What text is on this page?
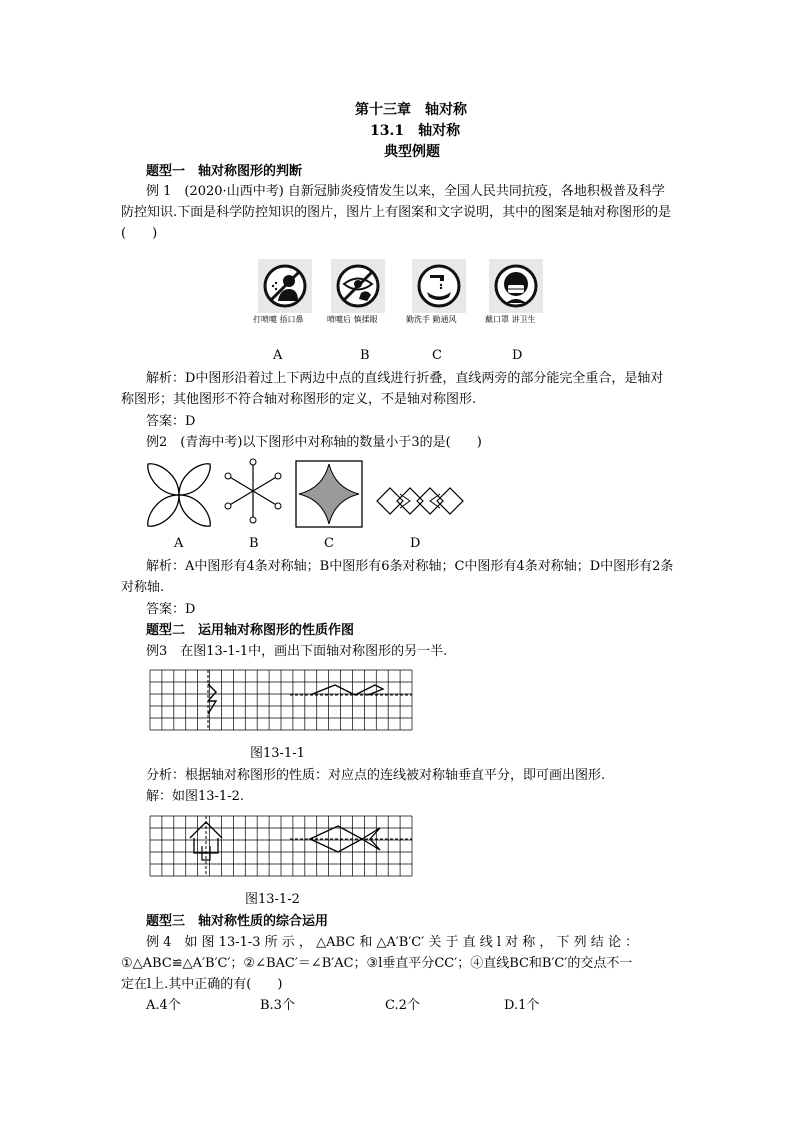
第十三章　轴对称
13.1　轴对称
典型例题
题型一　轴对称图形的判断
例 1　(2020·山西中考) 自新冠肺炎疫情发生以来，全国人民共同抗疫，各地积极普及科学防控知识.下面是科学防控知识的图片，图片上有图案和文字说明，其中的图案是轴对称图形的是(　　)
打喷嚏 捂口鼻	喷嚏后 慎揉眼	勤洗手 勤通风	戴口罩 讲卫生
A	B	C	D
解析：D中图形沿着过上下两边中点的直线进行折叠，直线两旁的部分能完全重合，是轴对称图形；其他图形不符合轴对称图形的定义，不是轴对称图形.
答案：D
例2　(青海中考)以下图形中对称轴的数量小于3的是(　　)
A	B	C	D
解析：A中图形有4条对称轴；B中图形有6条对称轴；C中图形有4条对称轴；D中图形有2条对称轴.
答案：D
题型二　运用轴对称图形的性质作图
例3　在图13-1-1中，画出下面轴对称图形的另一半.
图13-1-1
分析：根据轴对称图形的性质：对应点的连线被对称轴垂直平分，即可画出图形.
解：如图13-1-2.
图13-1-2
题型三　轴对称性质的综合运用
例 4　如 图 13-1-3 所 示 ， △ABC 和 △A′B′C′ 关 于 直 线 l 对 称 ， 下 列 结 论 ：
①△ABC≌△A′B′C′；②∠BAC′＝∠B′AC；③l垂直平分CC′；④直线BC和B′C′的交点不一
定在l上.其中正确的有(　　)
A.4个	B.3个	C.2个	D.1个
